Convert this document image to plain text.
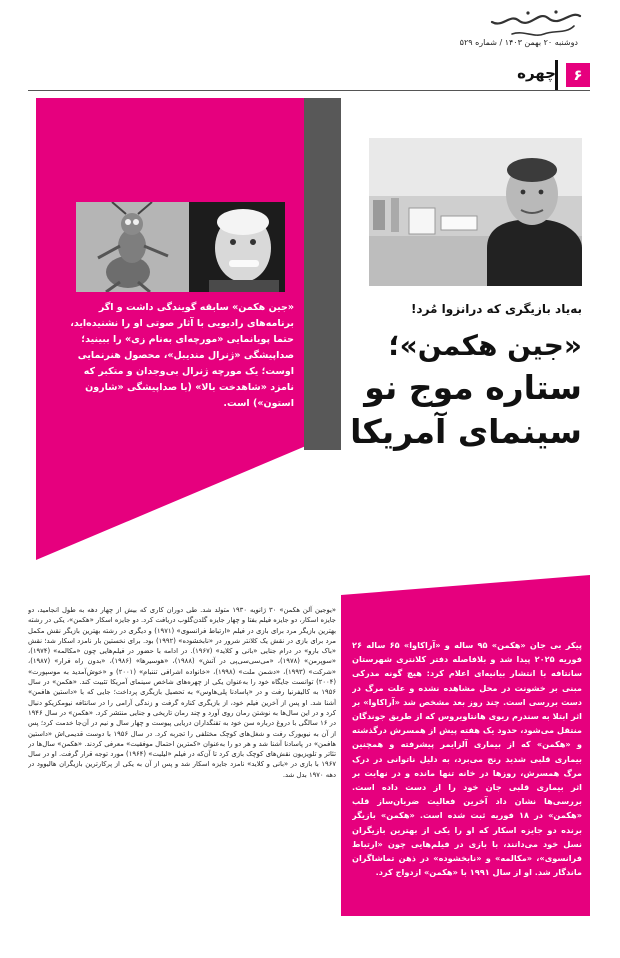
دوشنبه ۲۰ بهمن ۱۴۰۳ / شماره ۵۲۹
۶
چهره
«جین هکمن» سابقه گویندگی داشت و اگر برنامه‌های رادیویی با آثار صوتی او را نشنیده‌اید، حتما پویانمایی «مورچه‌ای به‌نام زی» را ببینید؛ صداپیشگی «ژنرال مندیبل»، محصول هنرنمایی اوست؛ یک مورچه ژنرال بی‌وجدان و متکبر که نامزد «شاهدخت بالا» (با صداپیشگی «شارون استون») است.
به‌یاد بازیگری که درانزوا مُرد!
«جین هکمن»؛
ستاره موج نو
سینمای آمریکا
پیکر بی جان «هکمن» ۹۵ ساله و «آراکاوا» ۶۵ ساله ۲۶ فوریه ۲۰۲۵ پیدا شد و بلافاصله دفتر کلانتری شهرستان سانتافه با انتشار بیانیه‌ای اعلام کرد: هیچ گونه مدرکی مبنی بر خشونت در محل مشاهده نشده و علت مرگ در دست بررسی است. چند روز بعد مشخص شد «آراکاوا» بر اثر ابتلا به سندرم ریوی هانتاویروس که از طریق جوندگان منتقل می‌شود، حدود یک هفته پیش از همسرش درگذشته و «هکمن» که از بیماری آلزایمر پیشرفته و همچنین بیماری قلبی شدید رنج می‌برد، به دلیل ناتوانی در درک مرگ همسرش، روزها در خانه تنها مانده و در نهایت بر اثر بیماری قلبی جان خود را از دست داده است. بررسی‌ها نشان داد آخرین فعالیت ضربان‌ساز قلب «هکمن» در ۱۸ فوریه ثبت شده است. «هکمن» بازیگر برنده دو جایزه اسکار که او را یکی از بهترین بازیگران نسل خود می‌دانند، با بازی در فیلم‌هایی چون «ارتباط فرانسوی»، «مکالمه» و «نابخشوده» در ذهن تماشاگران ماندگار شد. او از سال ۱۹۹۱ با «هکمن» ازدواج کرد.
«یوجین آلن هکمن» ۳۰ ژانویه ۱۹۳۰ متولد شد. طی دوران کاری که بیش از چهار دهه به طول انجامید، دو جایزه اسکار، دو جایزه فیلم بفتا و چهار جایزه گلدن‌گلوب دریافت کرد. دو جایزه اسکار «هکمن»، یکی در رشته بهترین بازیگر مرد برای بازی در فیلم «ارتباط فرانسوی» (۱۹۷۱) و دیگری در رشته بهترین بازیگر نقش مکمل مرد برای بازی در نقش یک کلانتر شرور در «نابخشوده» (۱۹۹۲) بود. برای نخستین بار نامزد اسکار شد؛ نقش «باک بارو» در درام جنایی «بانی و کلاید» (۱۹۶۷). در ادامه با حضور در فیلم‌هایی چون «مکالمه» (۱۹۷۴)، «سوپرمن» (۱۹۷۸)، «می‌سی‌سی‌پی در آتش» (۱۹۸۸)، «هوسیرها» (۱۹۸۶)، «بدون راه فرار» (۱۹۸۷)، «شرکت» (۱۹۹۳)، «دشمن ملت» (۱۹۹۸)، «خانواده اشرافی تننبام» (۲۰۰۱) و «خوش‌آمدید به موسپورت» (۲۰۰۴) توانست جایگاه خود را به‌عنوان یکی از چهره‌های شاخص سینمای آمریکا تثبیت کند. «هکمن» در سال ۱۹۵۶ به کالیفرنیا رفت و در «پاسادنا پلی‌هاوس» به تحصیل بازیگری پرداخت؛ جایی که با «داستین هافمن» آشنا شد. او پس از آخرین فیلم خود، از بازیگری کناره گرفت و زندگی آرامی را در سانتافه نیومکزیکو دنبال کرد و در این سال‌ها به نوشتن رمان روی آورد و چند رمان تاریخی و جنایی منتشر کرد. «هکمن» در سال ۱۹۴۶ در ۱۶ سالگی با دروغ درباره سن خود به تفنگداران دریایی پیوست و چهار سال و نیم در آن‌جا خدمت کرد؛ پس از آن به نیویورک رفت و شغل‌های کوچک مختلفی را تجربه کرد. در سال ۱۹۵۶ با دوست قدیمی‌اش «داستین هافمن» در پاسادنا آشنا شد و هر دو را به‌عنوان «کمترین احتمال موفقیت» معرفی کردند. «هکمن» سال‌ها در تئاتر و تلویزیون نقش‌های کوچک بازی کرد تا آن‌که در فیلم «لیلیت» (۱۹۶۴) مورد توجه قرار گرفت. او در سال ۱۹۶۷ با بازی در «بانی و کلاید» نامزد جایزه اسکار شد و پس از آن به یکی از پرکارترین بازیگران هالیوود در دهه ۱۹۷۰ بدل شد.
